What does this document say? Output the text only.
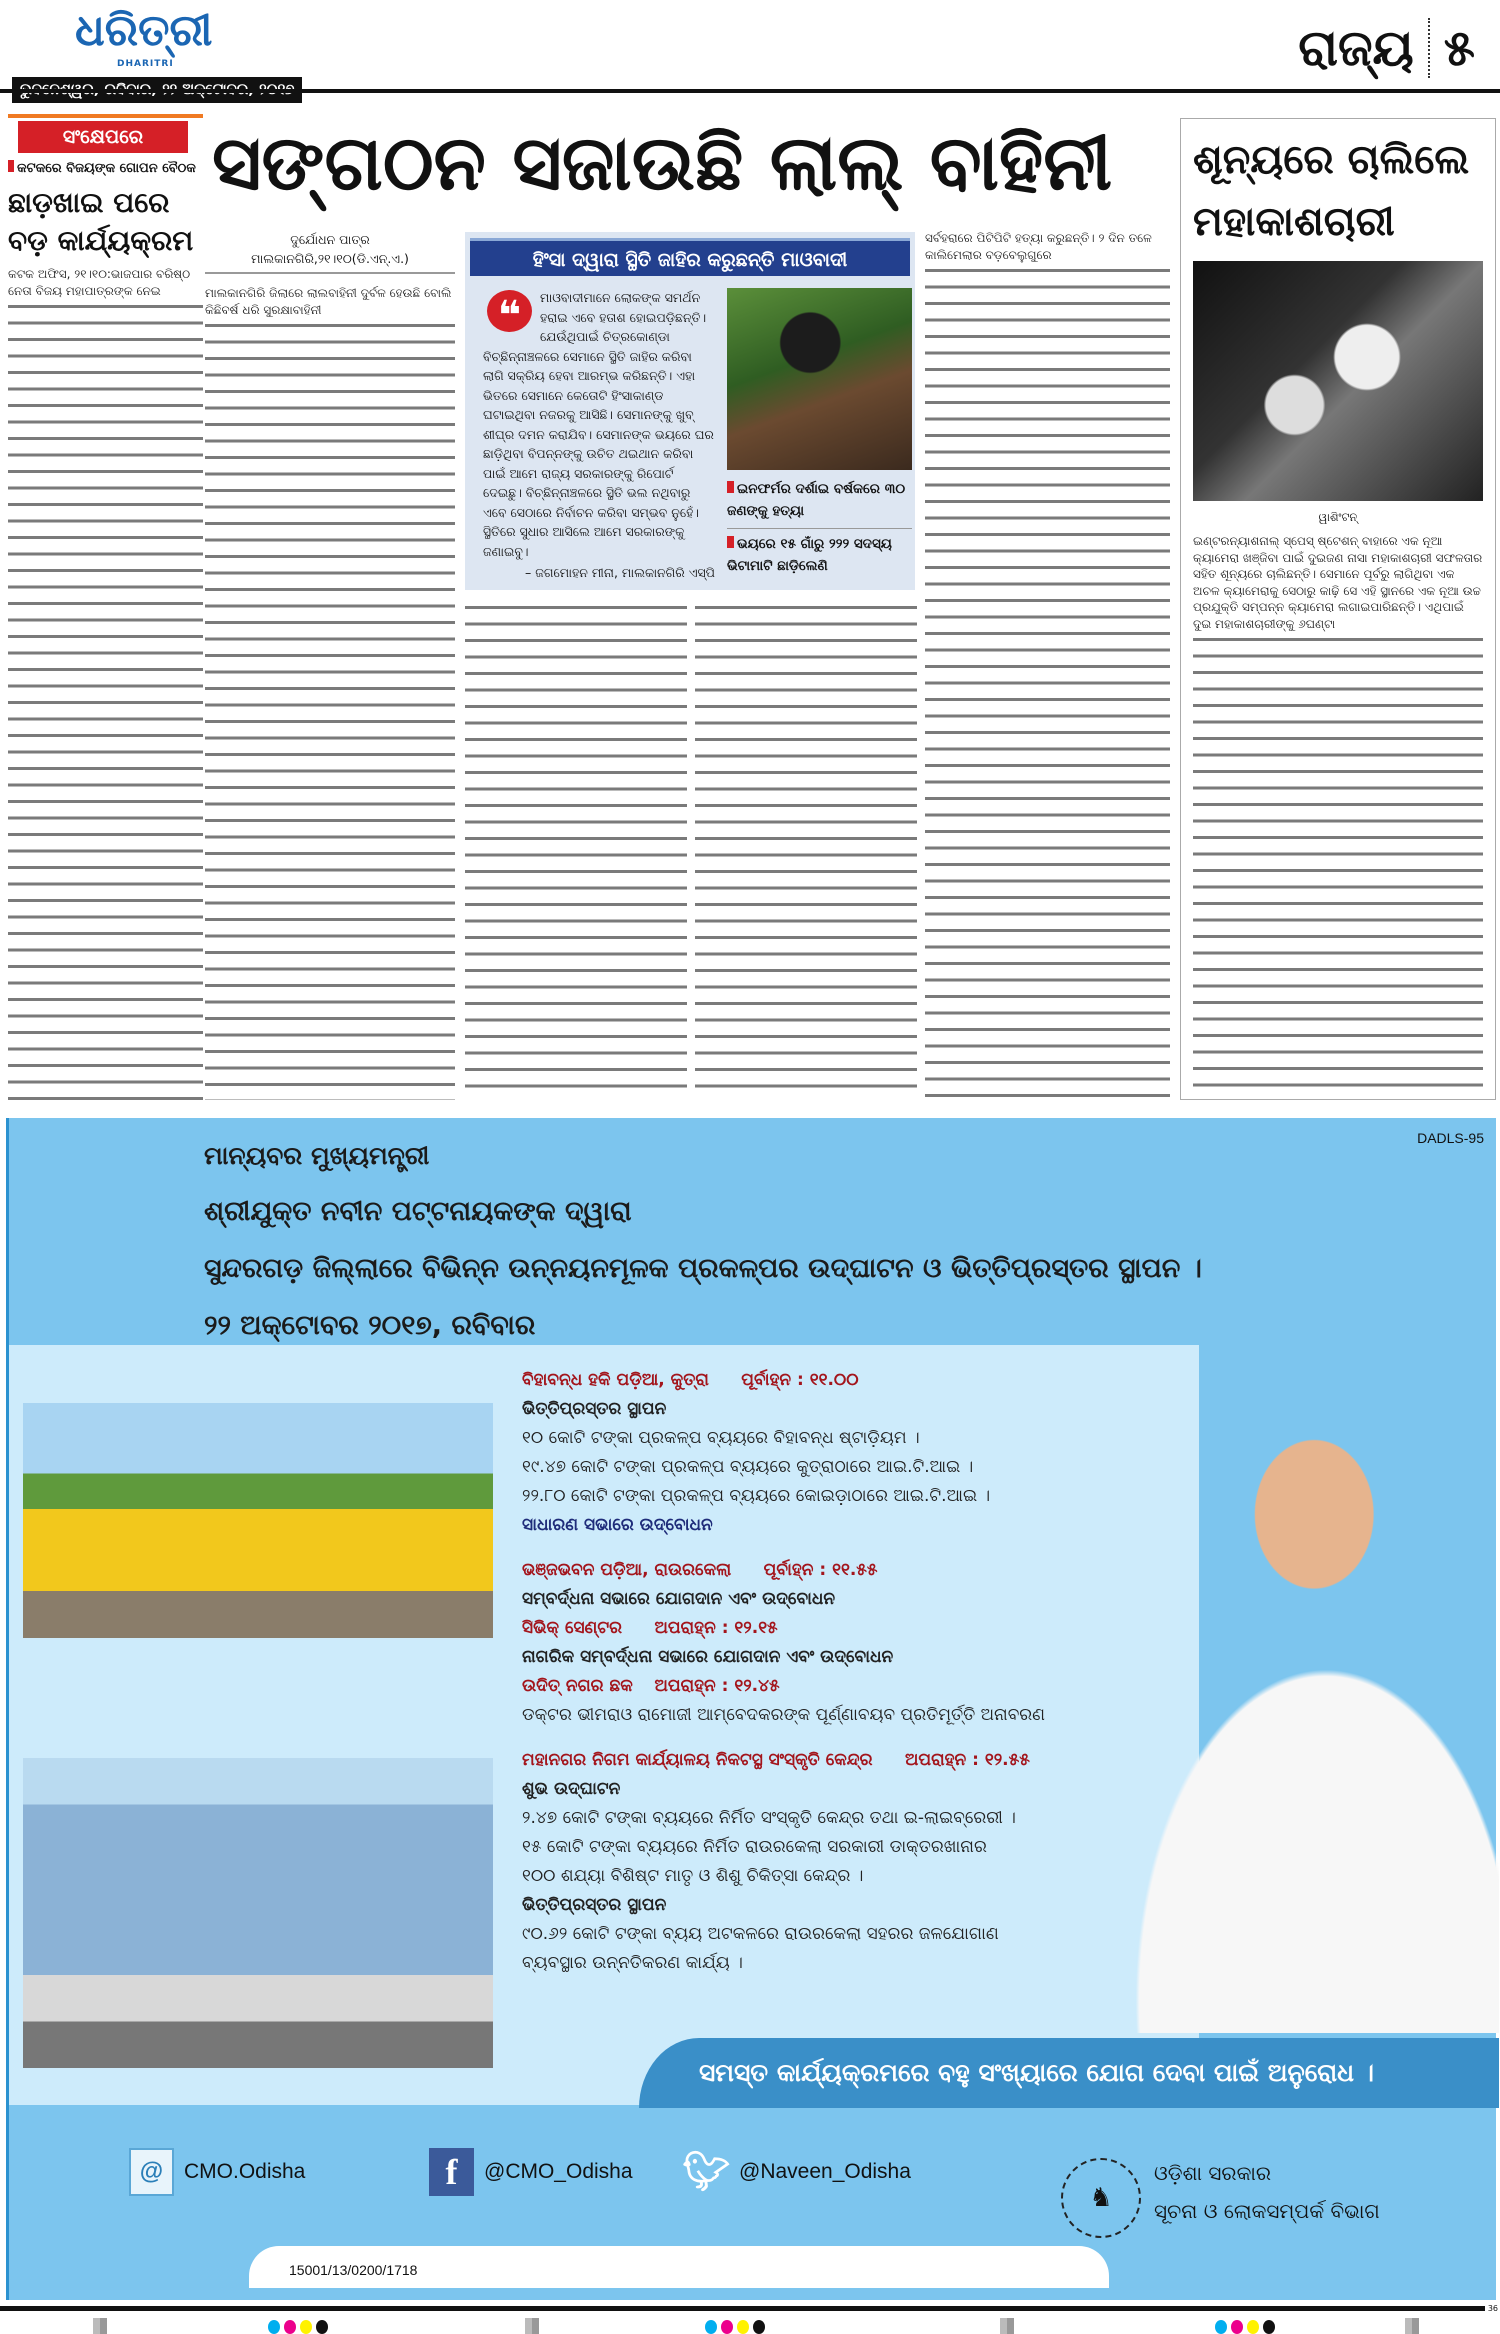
ଧରିତ୍ରୀ
DHARITRI	ରାଜ୍ୟ ୫
ସଂକ୍ଷେପରେ
କଟକରେ ବିଜୟଙ୍କ ଗୋପନ ବୈଠକ
ଛାଡ଼ଖାଇ ପରେ ବଡ଼ କାର୍ଯ୍ୟକ୍ରମ
କଟକ ଅଫିସ, ୨୧।୧୦:ଭାଜପାର ବରିଷ୍ଠ ନେତା ବିଜୟ ମହାପାତ୍ରଙ୍କ ନେଇ
ସଙ୍ଗଠନ ସଜାଉଛି ଲାଲ୍ ବାହିନୀ
ଦୁର୍ଯୋଧନ ପାତ୍ର
ମାଲକାନଗିରି,୨୧।୧୦(ଡି.ଏନ୍.ଏ.)
ମାଲକାନଗିରି ଜିଲାରେ ଲାଲବାହିନୀ ଦୁର୍ବଳ ହେଉଛି ବୋଲି କିଛିବର୍ଷ ଧରି ସୁରକ୍ଷାବାହିନୀ
ସର୍ବହରାରେ ପିଟିପିଟି ହତ୍ୟା କରୁଛନ୍ତି। ୨ ଦିନ ତଳେ କାଲିମେଲାର ବଡ଼ବେଲୁଗୁରେ
ହିଂସା ଦ୍ୱାରା ସ୍ଥିତି ଜାହିର କରୁଛନ୍ତି ମାଓବାଦୀ
❝	ମାଓବାଦୀମାନେ ଲୋକଙ୍କ ସମର୍ଥନ ହରାଇ ଏବେ ହତାଶ ହୋଇପଡ଼ିଛନ୍ତି। ଯେଉଁଥିପାଇଁ ଚିତ୍ରକୋଣ୍ଡା ବିଚ୍ଛିନ୍ନାଞ୍ଚଳରେ ସେମାନେ ସ୍ଥିତି ଜାହିର କରିବା ଲାଗି ସକ୍ରିୟ ହେବା ଆରମ୍ଭ କରିଛନ୍ତି। ଏହା ଭିତରେ ସେମାନେ କେତୋଟି ହିଂସାକାଣ୍ଡ ଘଟାଇଥିବା ନଜରକୁ ଆସିଛି। ସେମାନଙ୍କୁ ଖୁବ୍ ଶୀଘ୍ର ଦମନ କରାଯିବ। ସେମାନଙ୍କ ଭୟରେ ଘର ଛାଡ଼ିଥିବା ବିପନ୍ନଙ୍କୁ ଉଚିତ ଥଇଥାନ କରିବା ପାଇଁ ଆମେ ରାଜ୍ୟ ସରକାରଙ୍କୁ ରିପୋର୍ଟ ଦେଇଛୁ। ବିଚ୍ଛିନ୍ନାଞ୍ଚଳରେ ସ୍ଥିତି ଭଲ ନଥିବାରୁ ଏବେ ସେଠାରେ ନିର୍ବାଚନ କରିବା ସମ୍ଭବ ନୁହେଁ। ସ୍ଥିତିରେ ସୁଧାର ଆସିଲେ ଆମେ ସରକାରଙ୍କୁ ଜଣାଇବୁ।
– ଜଗମୋହନ ମୀନା, ମାଲକାନଗିରି ଏସ୍‌ପି
ଇନଫର୍ମର ଦର୍ଶାଇ ବର୍ଷକରେ ୩୦ ଜଣଙ୍କୁ ହତ୍ୟା
ଭୟରେ ୧୫ ଗାଁରୁ ୨୨୨ ସଦସ୍ୟ ଭିଟାମାଟି ଛାଡ଼ିଲେଣି
ଶୂନ୍ୟରେ ଚାଲିଲେ ମହାକାଶଚାରୀ
ୱାଶିଂଟନ୍
ଇଣ୍ଟରନ୍ୟାଶନାଲ୍ ସ୍ପେସ୍ ଷ୍ଟେଶନ୍ ବାହାରେ ଏକ ନୂଆ କ୍ୟାମେରା ଖଞ୍ଜିବା ପାଇଁ ଦୁଇଜଣ ନାସା ମହାକାଶଚାରୀ ସଫଳତାର ସହିତ ଶୂନ୍ୟରେ ଚାଲିଛନ୍ତି। ସେମାନେ ପୂର୍ବରୁ ଲାଗିଥିବା ଏକ ଅଚଳ କ୍ୟାମେରାକୁ ସେଠାରୁ କାଢ଼ି ସେ ଏହି ସ୍ଥାନରେ ଏକ ନୂଆ ଉଚ୍ଚ ପ୍ରଯୁକ୍ତି ସମ୍ପନ୍ନ କ୍ୟାମେରା ଲଗାଇପାରିଛନ୍ତି। ଏଥିପାଇଁ ଦୁଇ ମହାକାଶଚାରୀଙ୍କୁ ୬ଘଣ୍ଟା
DADLS-95
ମାନ୍ୟବର ମୁଖ୍ୟମନ୍ତ୍ରୀ
ଶ୍ରୀଯୁକ୍ତ ନବୀନ ପଟ୍ଟନାୟକଙ୍କ ଦ୍ୱାରା
ସୁନ୍ଦରଗଡ଼ ଜିଲ୍ଲାରେ ବିଭିନ୍ନ ଉନ୍ନୟନମୂଳକ ପ୍ରକଳ୍ପର ଉଦ୍‌ଘାଟନ ଓ ଭିତ୍ତିପ୍ରସ୍ତର ସ୍ଥାପନ ।
୨୨ ଅକ୍ଟୋବର ୨୦୧୭, ରବିବାର
ବିହାବନ୍ଧ ହକି ପଡ଼ିଆ, କୁତ୍ରା ପୂର୍ବାହ୍ନ : ୧୧.୦୦
ଭିତ୍ତିପ୍ରସ୍ତର ସ୍ଥାପନ
୧୦ କୋଟି ଟଙ୍କା ପ୍ରକଳ୍ପ ବ୍ୟୟରେ ବିହାବନ୍ଧ ଷ୍ଟାଡ଼ିୟମ ।
୧୯.୪୭ କୋଟି ଟଙ୍କା ପ୍ରକଳ୍ପ ବ୍ୟୟରେ କୁତ୍ରାଠାରେ ଆଇ.ଟି.ଆଇ ।
୨୨.୮୦ କୋଟି ଟଙ୍କା ପ୍ରକଳ୍ପ ବ୍ୟୟରେ କୋଇଡ଼ାଠାରେ ଆଇ.ଟି.ଆଇ ।
ସାଧାରଣ ସଭାରେ ଉଦ୍‌ବୋଧନ
ଭଞ୍ଜଭବନ ପଡ଼ିଆ, ରାଉରକେଲା ପୂର୍ବାହ୍ନ : ୧୧.୫୫
ସମ୍ବର୍ଦ୍ଧନା ସଭାରେ ଯୋଗଦାନ ଏବଂ ଉଦ୍‌ବୋଧନ
ସିଭିକ୍ ସେଣ୍ଟର ଅପରାହ୍ନ : ୧୨.୧୫
ନାଗରିକ ସମ୍ବର୍ଦ୍ଧନା ସଭାରେ ଯୋଗଦାନ ଏବଂ ଉଦ୍‌ବୋଧନ
ଉଦିତ୍ ନଗର ଛକ ଅପରାହ୍ନ : ୧୨.୪୫
ଡକ୍ଟର ଭୀମରାଓ ରାମୋଜୀ ଆମ୍ବେଦକରଙ୍କ ପୂର୍ଣ୍ଣାବୟବ ପ୍ରତିମୂର୍ତ୍ତି ଅନାବରଣ
ମହାନଗର ନିଗମ କାର୍ଯ୍ୟାଳୟ ନିକଟସ୍ଥ ସଂସ୍କୃତି କେନ୍ଦ୍ର ଅପରାହ୍ନ : ୧୨.୫୫
ଶୁଭ ଉଦ୍‌ଘାଟନ
୨.୪୭ କୋଟି ଟଙ୍କା ବ୍ୟୟରେ ନିର୍ମିତ ସଂସ୍କୃତି କେନ୍ଦ୍ର ତଥା ଇ-ଲାଇବ୍ରେରୀ ।
୧୫ କୋଟି ଟଙ୍କା ବ୍ୟୟରେ ନିର୍ମିତ ରାଉରକେଲା ସରକାରୀ ଡାକ୍ତରଖାନାର
୧୦୦ ଶଯ୍ୟା ବିଶିଷ୍ଟ ମାତୃ ଓ ଶିଶୁ ଚିକିତ୍ସା କେନ୍ଦ୍ର ।
ଭିତ୍ତିପ୍ରସ୍ତର ସ୍ଥାପନ
୯୦.୬୨ କୋଟି ଟଙ୍କା ବ୍ୟୟ ଅଟକଳରେ ରାଉରକେଲା ସହରର ଜଳଯୋଗାଣ
ବ୍ୟବସ୍ଥାର ଉନ୍ନତିକରଣ କାର୍ଯ୍ୟ ।
ସମସ୍ତ କାର୍ଯ୍ୟକ୍ରମରେ ବହୁ ସଂଖ୍ୟାରେ ଯୋଗ ଦେବା ପାଇଁ ଅନୁରୋଧ ।
@ CMO.Odisha	f	@CMO_Odisha 🐦︎ @Naveen_Odisha
♞
ଓଡ଼ିଶା ସରକାର
ସୂଚନା ଓ ଲୋକସମ୍ପର୍କ ବିଭାଗ
15001/13/0200/1718
36
